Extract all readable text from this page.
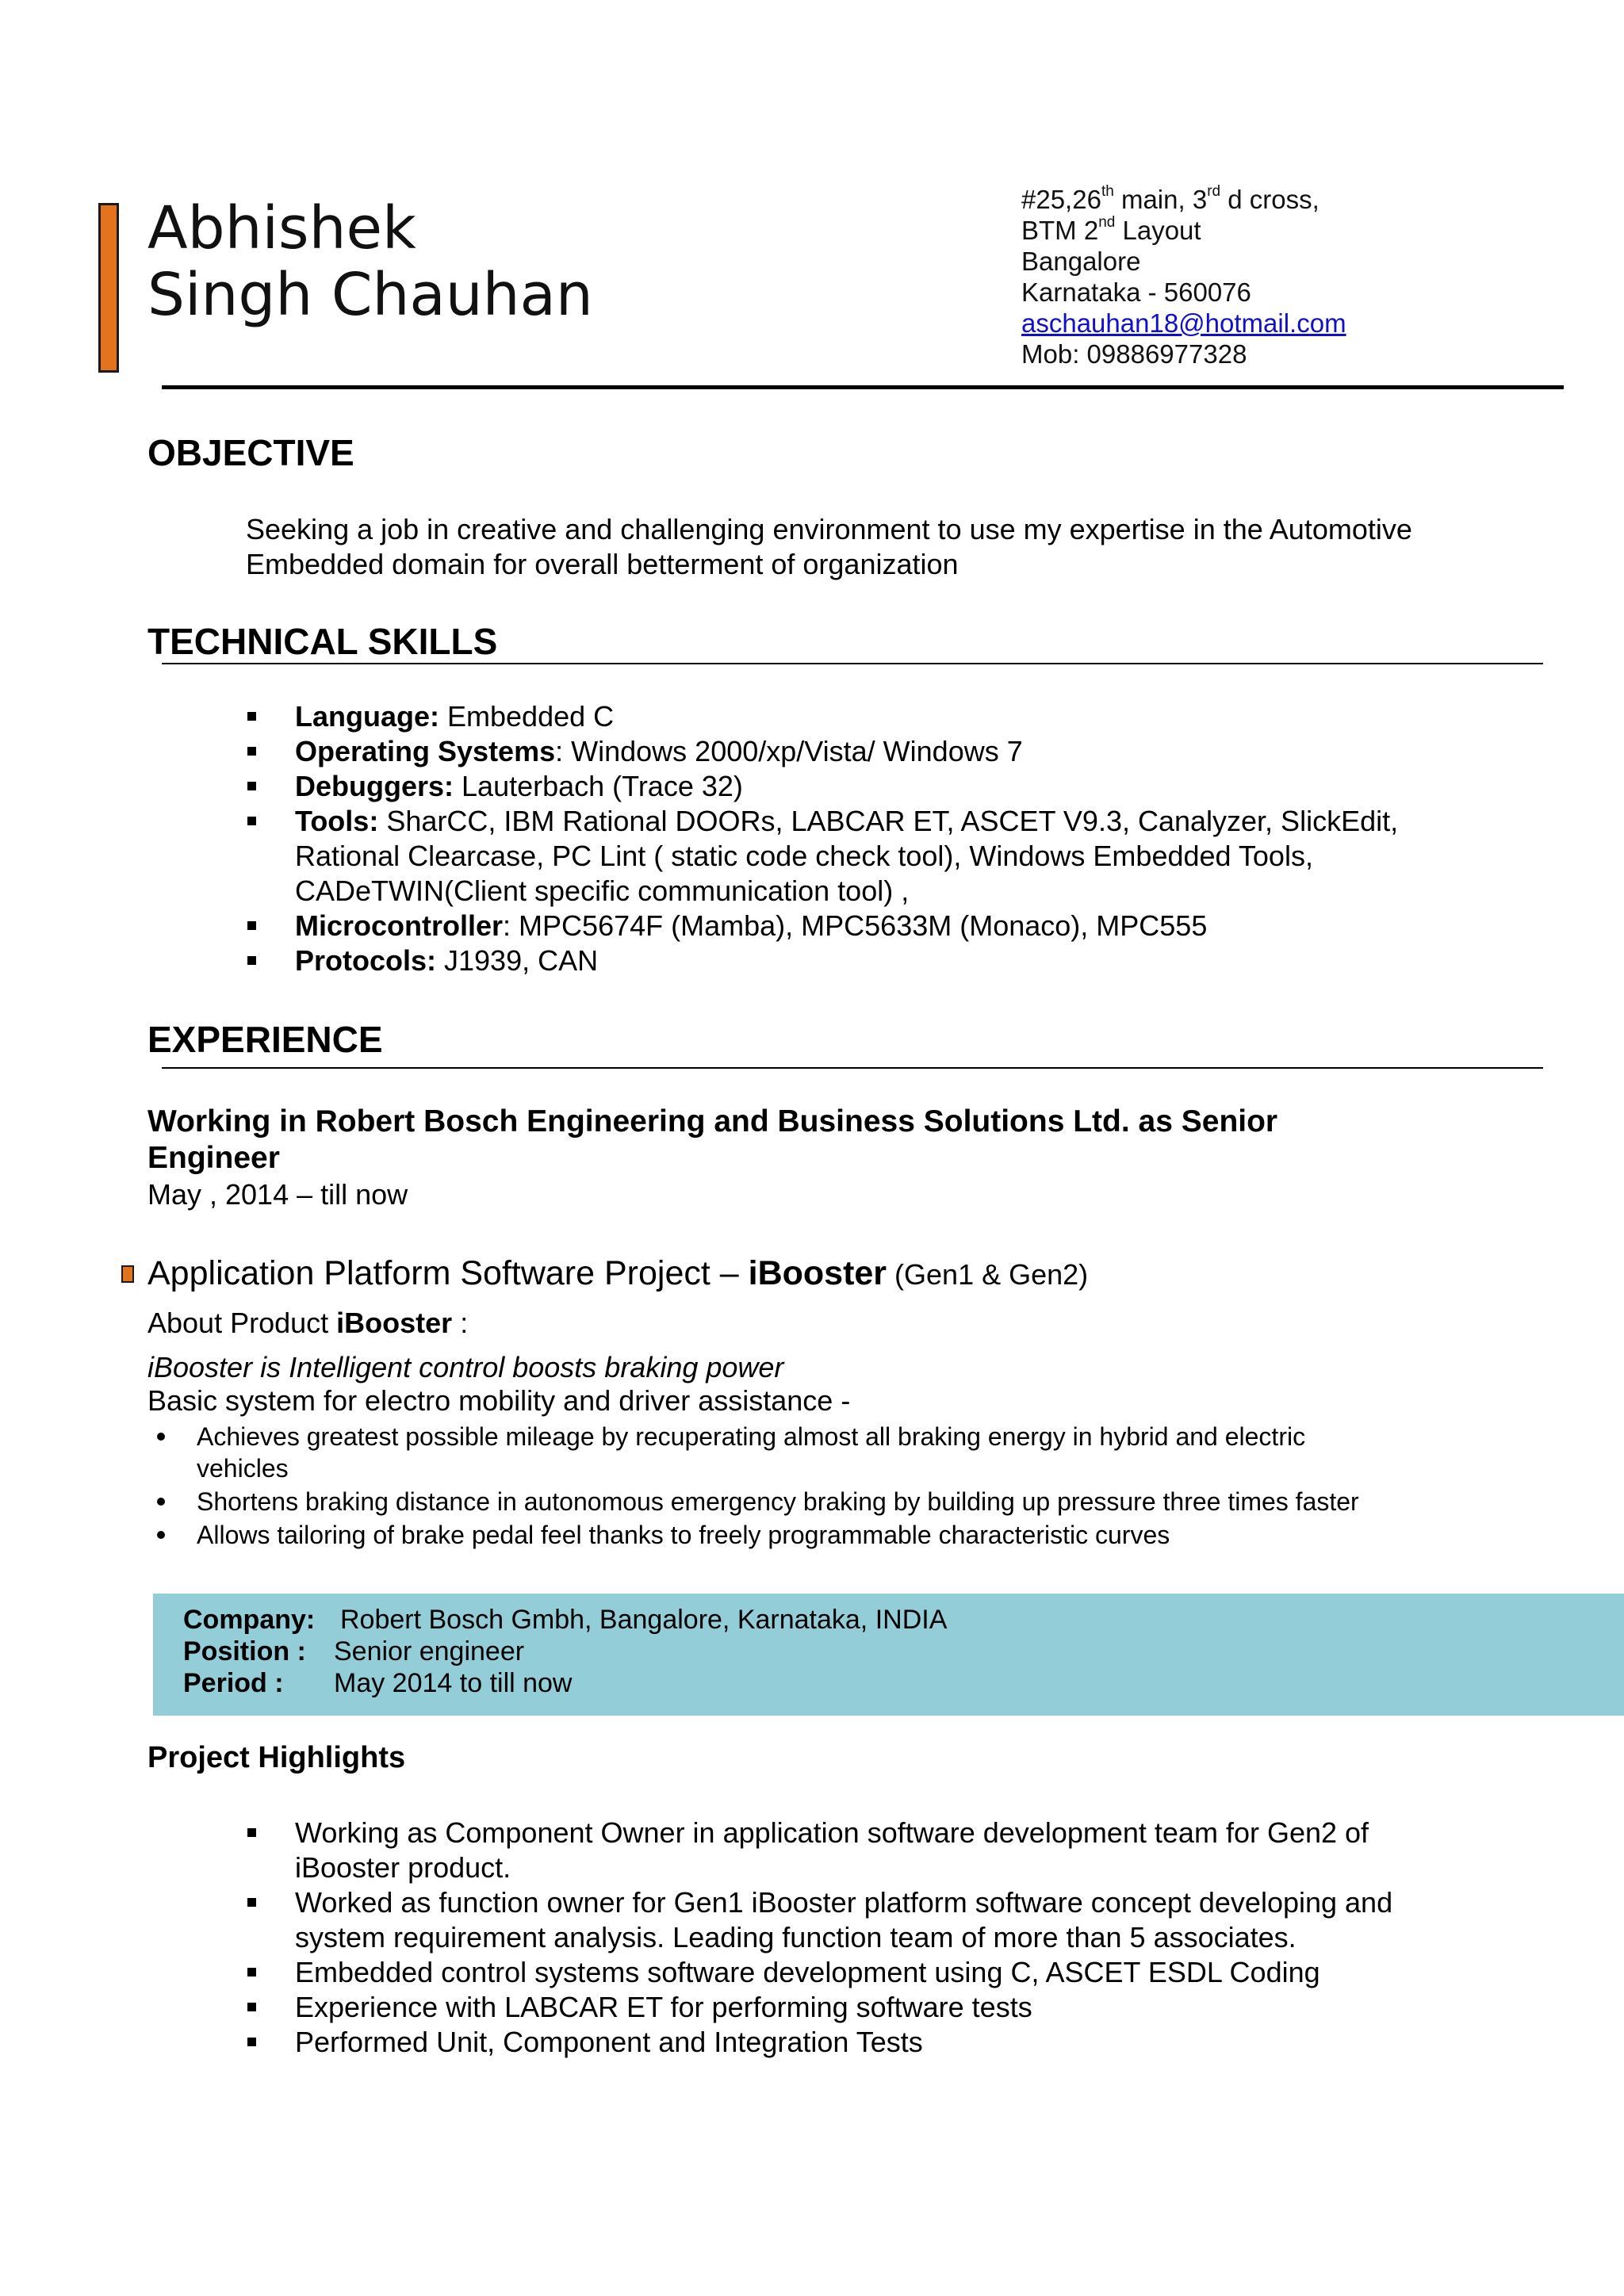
Abhishek
Singh Chauhan
#25,26th main, 3rd d cross,
BTM 2nd Layout
Bangalore
Karnataka - 560076
aschauhan18@hotmail.com
Mob: 09886977328
OBJECTIVE
Seeking a job in creative and challenging environment to use my expertise in the Automotive
Embedded domain for overall betterment of organization
TECHNICAL SKILLS
Language: Embedded C
Operating Systems: Windows 2000/xp/Vista/ Windows 7
Debuggers: Lauterbach (Trace 32)
Tools: SharCC, IBM Rational DOORs, LABCAR ET, ASCET V9.3, Canalyzer, SlickEdit,
Rational Clearcase, PC Lint ( static code check tool), Windows Embedded Tools,
CADeTWIN(Client specific communication tool) ,
Microcontroller: MPC5674F (Mamba), MPC5633M (Monaco), MPC555
Protocols: J1939, CAN
EXPERIENCE
Working in Robert Bosch Engineering and Business Solutions Ltd. as Senior
Engineer
May , 2014 – till now
Application Platform Software Project – iBooster (Gen1 & Gen2)
About Product iBooster :
iBooster is Intelligent control boosts braking power
Basic system for electro mobility and driver assistance -
Achieves greatest possible mileage by recuperating almost all braking energy in hybrid and electric
vehicles
Shortens braking distance in autonomous emergency braking by building up pressure three times faster
Allows tailoring of brake pedal feel thanks to freely programmable characteristic curves
Company: Robert Bosch Gmbh, Bangalore, Karnataka, INDIA
Position : Senior engineer
Period : May 2014 to till now
Project Highlights
Working as Component Owner in application software development team for Gen2 of
iBooster product.
Worked as function owner for Gen1 iBooster platform software concept developing and
system requirement analysis. Leading function team of more than 5 associates.
Embedded control systems software development using C, ASCET ESDL Coding
Experience with LABCAR ET for performing software tests
Performed Unit, Component and Integration Tests
